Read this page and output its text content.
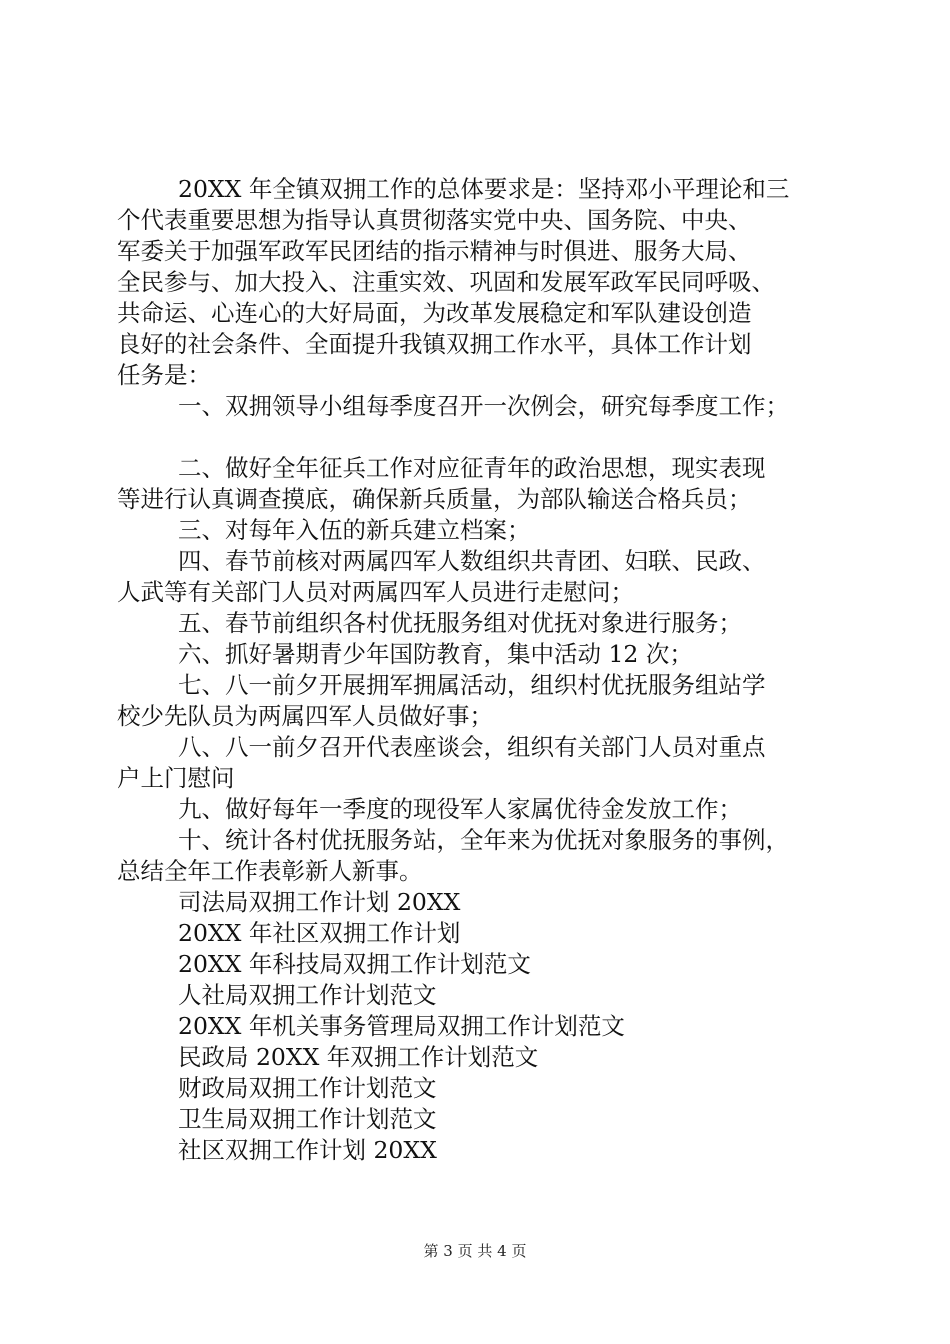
20XX 年全镇双拥工作的总体要求是：坚持邓小平理论和三
个代表重要思想为指导认真贯彻落实党中央、国务院、中央、
军委关于加强军政军民团结的指示精神与时俱进、服务大局、
全民参与、加大投入、注重实效、巩固和发展军政军民同呼吸、
共命运、心连心的大好局面，为改革发展稳定和军队建设创造
良好的社会条件、全面提升我镇双拥工作水平，具体工作计划
任务是：
一、双拥领导小组每季度召开一次例会，研究每季度工作；
二、做好全年征兵工作对应征青年的政治思想，现实表现
等进行认真调查摸底，确保新兵质量，为部队输送合格兵员；
三、对每年入伍的新兵建立档案；
四、春节前核对两属四军人数组织共青团、妇联、民政、
人武等有关部门人员对两属四军人员进行走慰问；
五、春节前组织各村优抚服务组对优抚对象进行服务；
六、抓好暑期青少年国防教育，集中活动 12 次；
七、八一前夕开展拥军拥属活动，组织村优抚服务组站学
校少先队员为两属四军人员做好事；
八、八一前夕召开代表座谈会，组织有关部门人员对重点
户上门慰问
九、做好每年一季度的现役军人家属优待金发放工作；
十、统计各村优抚服务站，全年来为优抚对象服务的事例，
总结全年工作表彰新人新事。
司法局双拥工作计划 20XX
20XX 年社区双拥工作计划
20XX 年科技局双拥工作计划范文
人社局双拥工作计划范文
20XX 年机关事务管理局双拥工作计划范文
民政局 20XX 年双拥工作计划范文
财政局双拥工作计划范文
卫生局双拥工作计划范文
社区双拥工作计划 20XX
第 3 页 共 4 页
